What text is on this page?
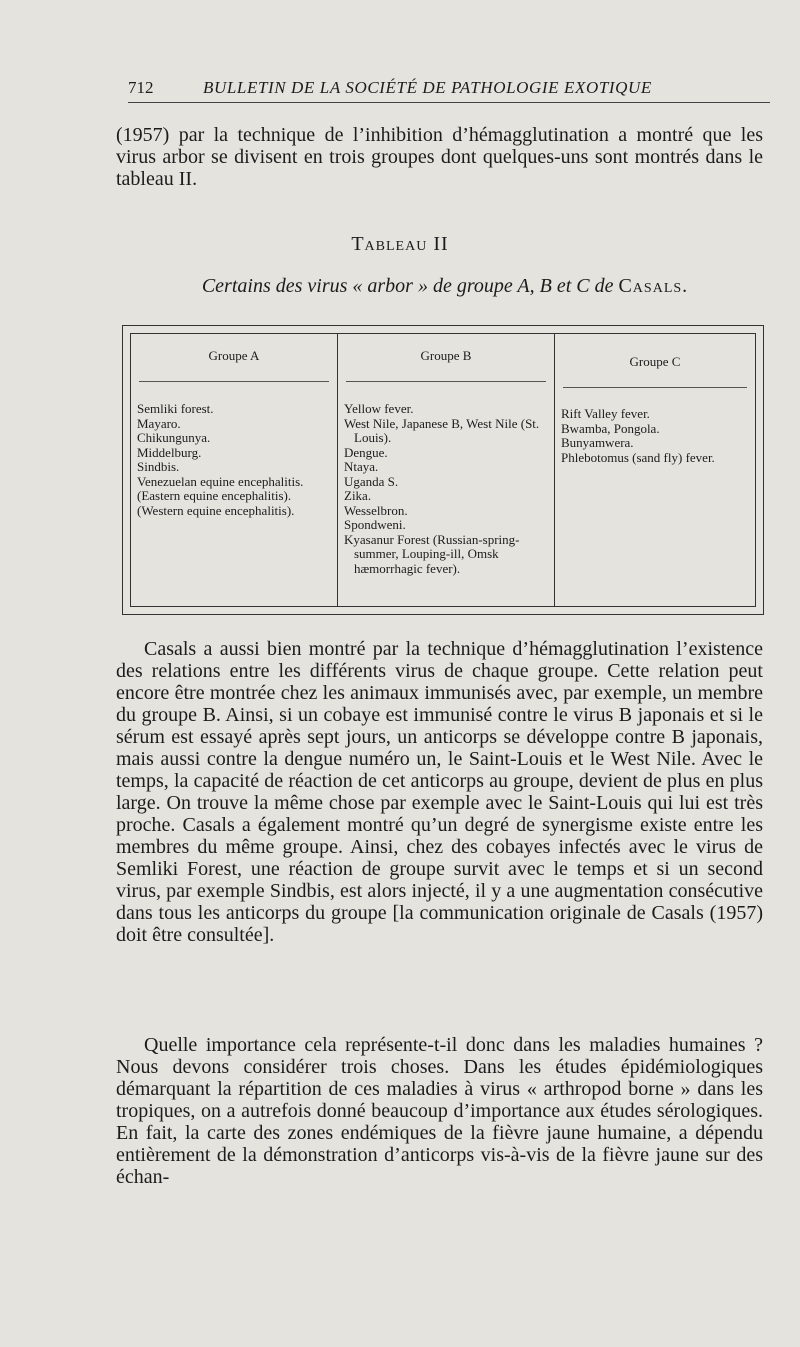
712	BULLETIN DE LA SOCIÉTÉ DE PATHOLOGIE EXOTIQUE

(1957) par la technique de l’inhibition d’hémagglutination a montré que les virus arbor se divisent en trois groupes dont quelques-uns sont montrés dans le tableau II.

Tableau II
Certains des virus « arbor » de groupe A, B et C de Casals.
Groupe A
Semliki forest.
Mayaro.
Chikungunya.
Middelburg.
Sindbis.
Venezuelan equine encephalitis.
(Eastern equine encephalitis).
(Western equine encephalitis).
Groupe B
Yellow fever.
West Nile, Japanese B, West Nile (St. Louis).
Dengue.
Ntaya.
Uganda S.
Zika.
Wesselbron.
Spondweni.
Kyasanur Forest (Russian-spring-summer, Louping-ill, Omsk hæmorrhagic fever).
Groupe C
Rift Valley fever.
Bwamba, Pongola.
Bunyamwera.
Phlebotomus (sand fly) fever.

Casals a aussi bien montré par la technique d’hémagglutination l’existence des relations entre les différents virus de chaque groupe. Cette relation peut encore être montrée chez les animaux immunisés avec, par exemple, un membre du groupe B. Ainsi, si un cobaye est immunisé contre le virus B japonais et si le sérum est essayé après sept jours, un anticorps se développe contre B japonais, mais aussi contre la dengue numéro un, le Saint-Louis et le West Nile. Avec le temps, la capacité de réaction de cet anticorps au groupe, devient de plus en plus large. On trouve la même chose par exemple avec le Saint-Louis qui lui est très proche. Casals a également montré qu’un degré de synergisme existe entre les membres du même groupe. Ainsi, chez des cobayes infectés avec le virus de Semliki Forest, une réaction de groupe survit avec le temps et si un second virus, par exemple Sindbis, est alors injecté, il y a une augmentation consécutive dans tous les anticorps du groupe [la communication originale de Casals (1957) doit être consultée].

Quelle importance cela représente-t-il donc dans les maladies humaines ? Nous devons considérer trois choses. Dans les études épidémiologiques démarquant la répartition de ces maladies à virus « arthropod borne » dans les tropiques, on a autrefois donné beaucoup d’importance aux études sérologiques. En fait, la carte des zones endémiques de la fièvre jaune humaine, a dépendu entièrement de la démonstration d’anticorps vis-à-vis de la fièvre jaune sur des échan-
